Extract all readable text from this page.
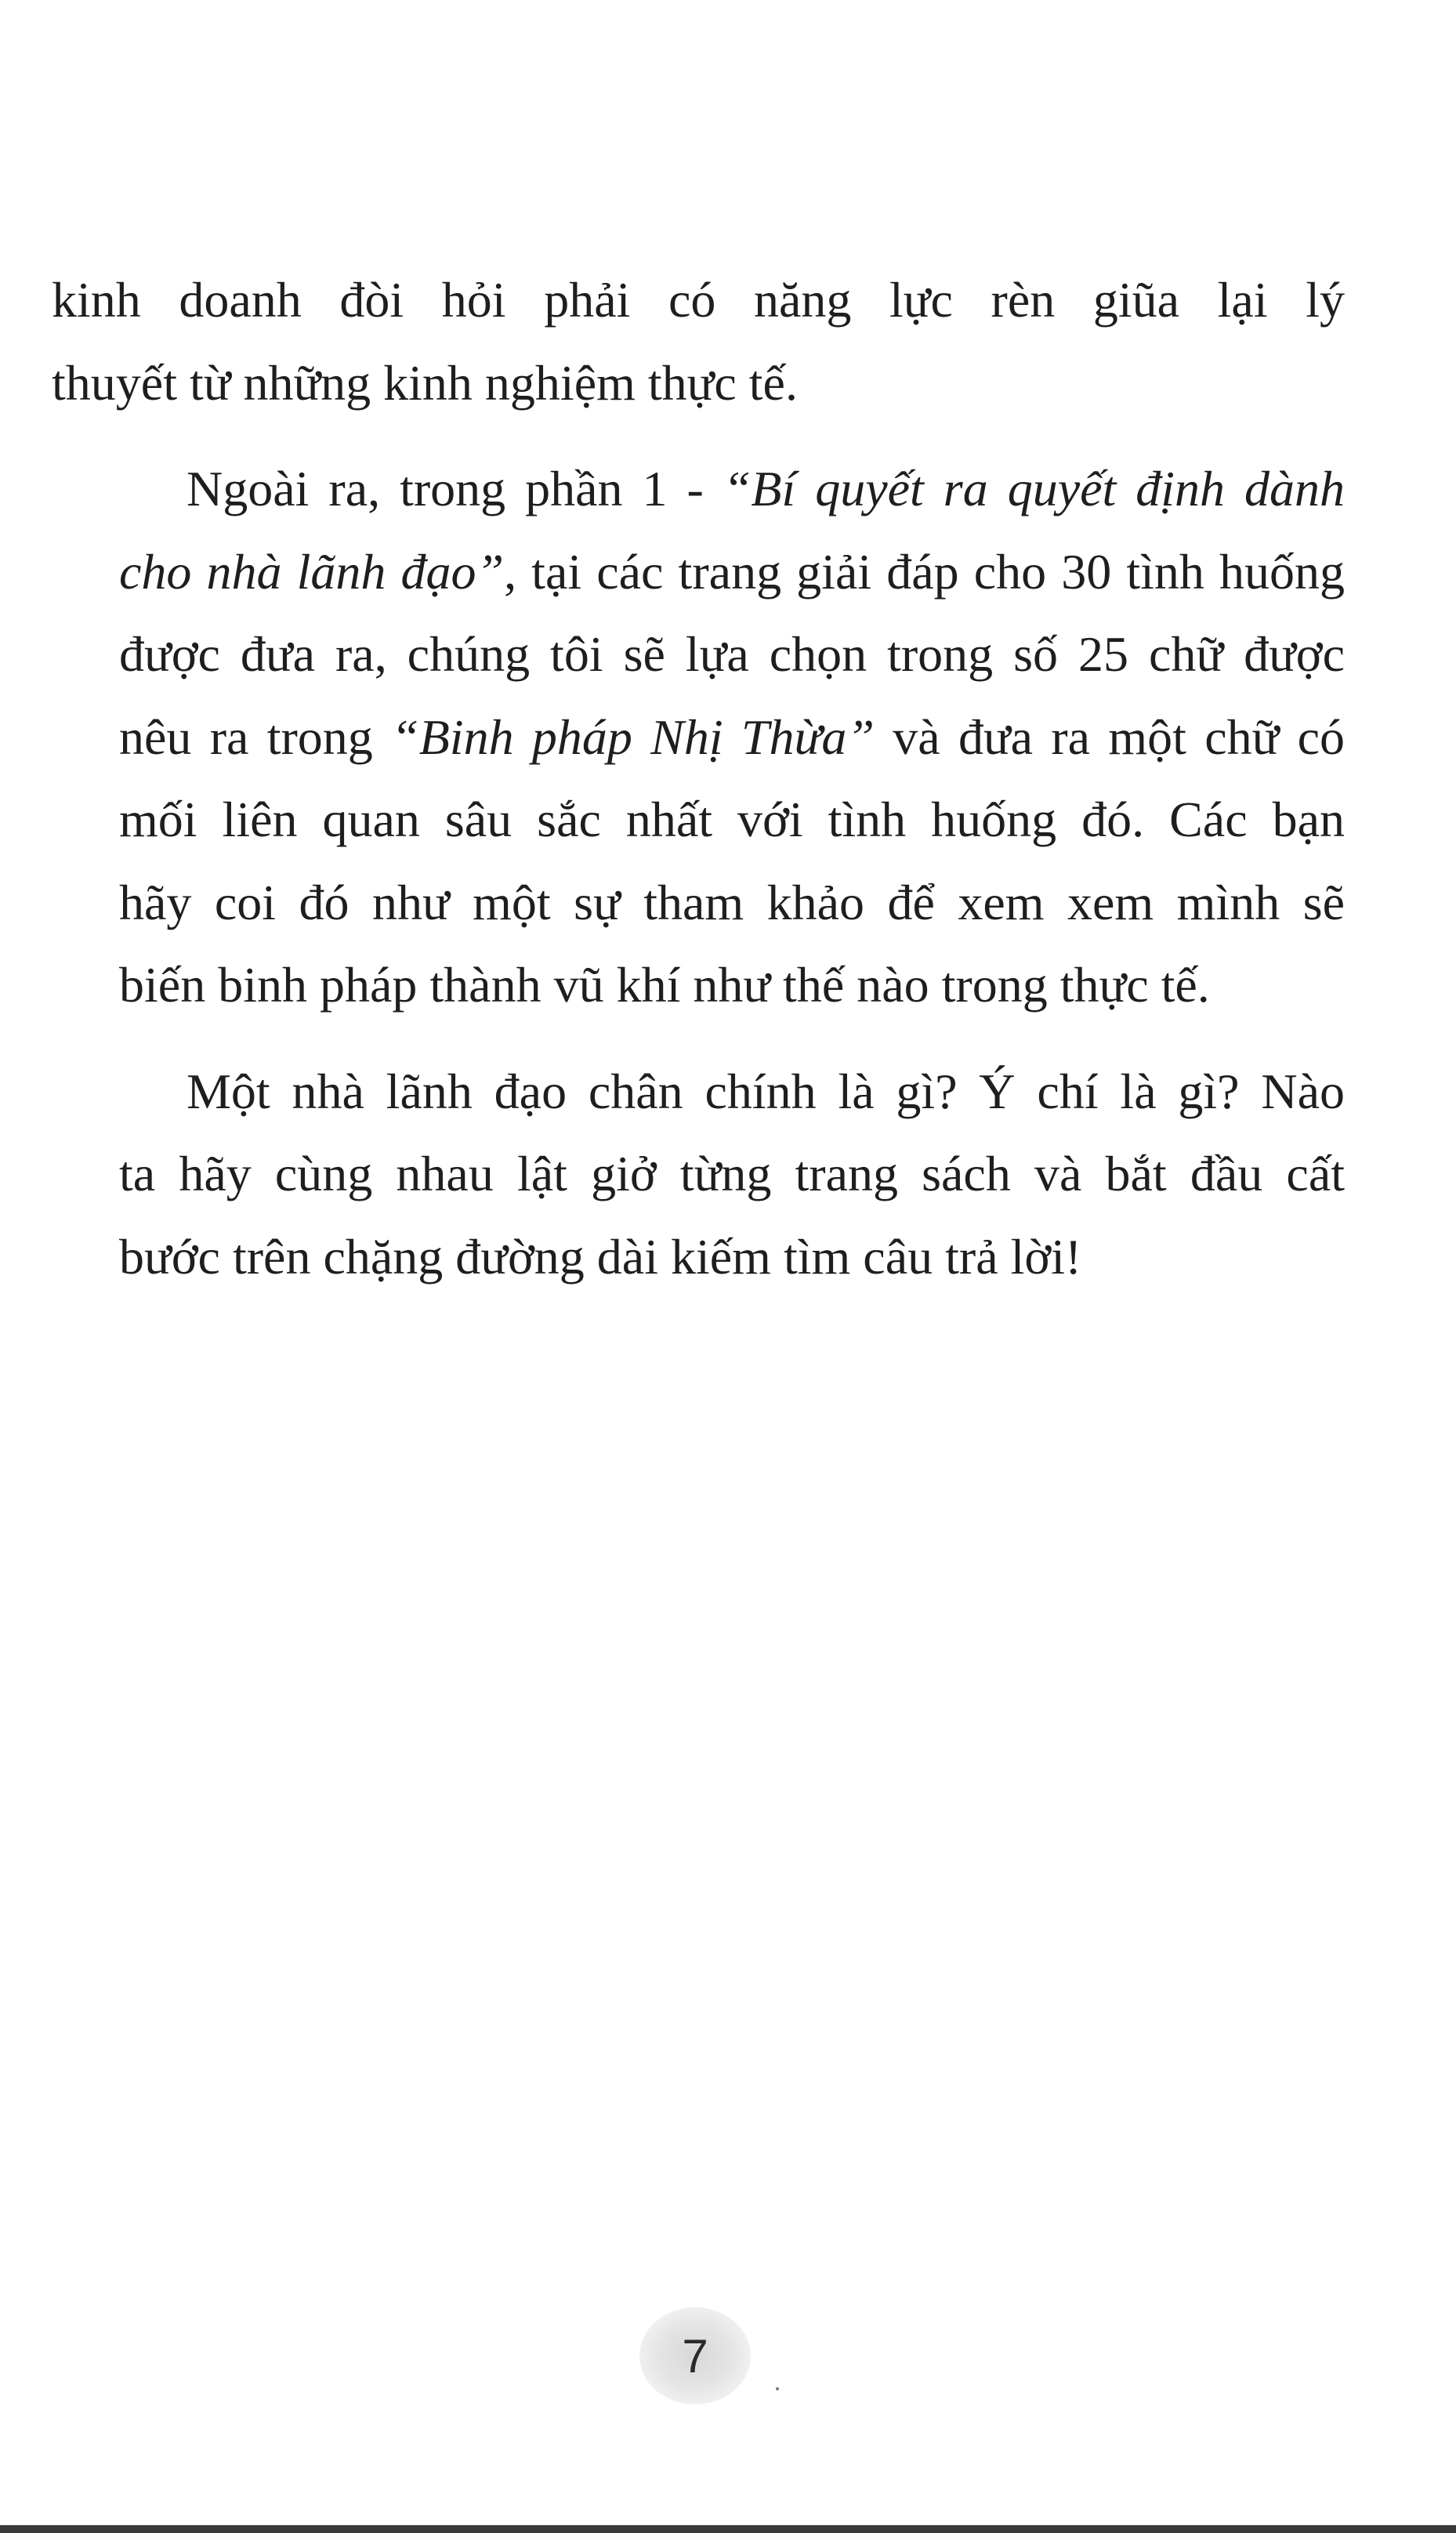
kinh doanh đòi hỏi phải có năng lực rèn giũa lại lý
thuyết từ những kinh nghiệm thực tế.
Ngoài ra, trong phần 1 - “Bí quyết ra quyết định dành
cho nhà lãnh đạo”, tại các trang giải đáp cho 30 tình huống
được đưa ra, chúng tôi sẽ lựa chọn trong số 25 chữ được
nêu ra trong “Binh pháp Nhị Thừa” và đưa ra một chữ có
mối liên quan sâu sắc nhất với tình huống đó. Các bạn
hãy coi đó như một sự tham khảo để xem xem mình sẽ
biến binh pháp thành vũ khí như thế nào trong thực tế.
Một nhà lãnh đạo chân chính là gì? Ý chí là gì? Nào
ta hãy cùng nhau lật giở từng trang sách và bắt đầu cất
bước trên chặng đường dài kiếm tìm câu trả lời!
7
